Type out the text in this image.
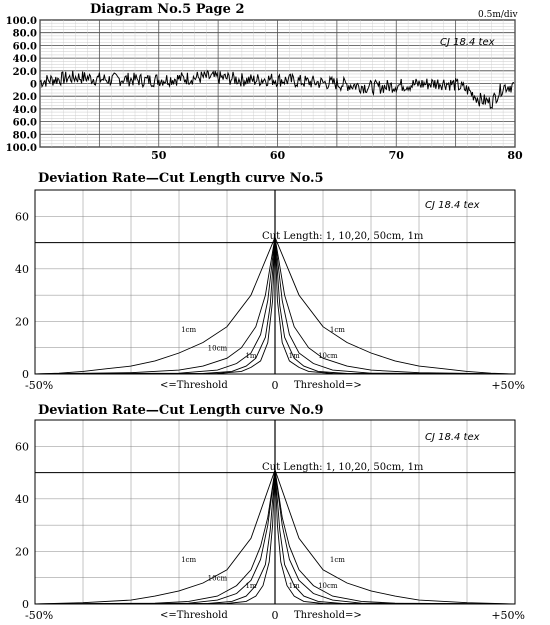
Diagram No.5 Page 2	0.5m/div
100.0
80.0
60.0
40.0
20.0
0
20.0
40.0
60.0
80.0
100.0
50	60	70	80
CJ 18.4 tex
Deviation Rate—Cut Length curve No.5
CJ 18.4 tex
Cut Length: 1, 10,20, 50cm, 1m
<=Threshold	Threshold=>
0
20
40
60
-50%	0	+50%
1cm
10cm
1m
1cm
1m	10cm
Deviation Rate—Cut Length curve No.9
CJ 18.4 tex
Cut Length: 1, 10,20, 50cm, 1m
<=Threshold	Threshold=>
0
20
40
60
-50%	0	+50%
1cm
10cm
1m
1cm
1m	10cm
